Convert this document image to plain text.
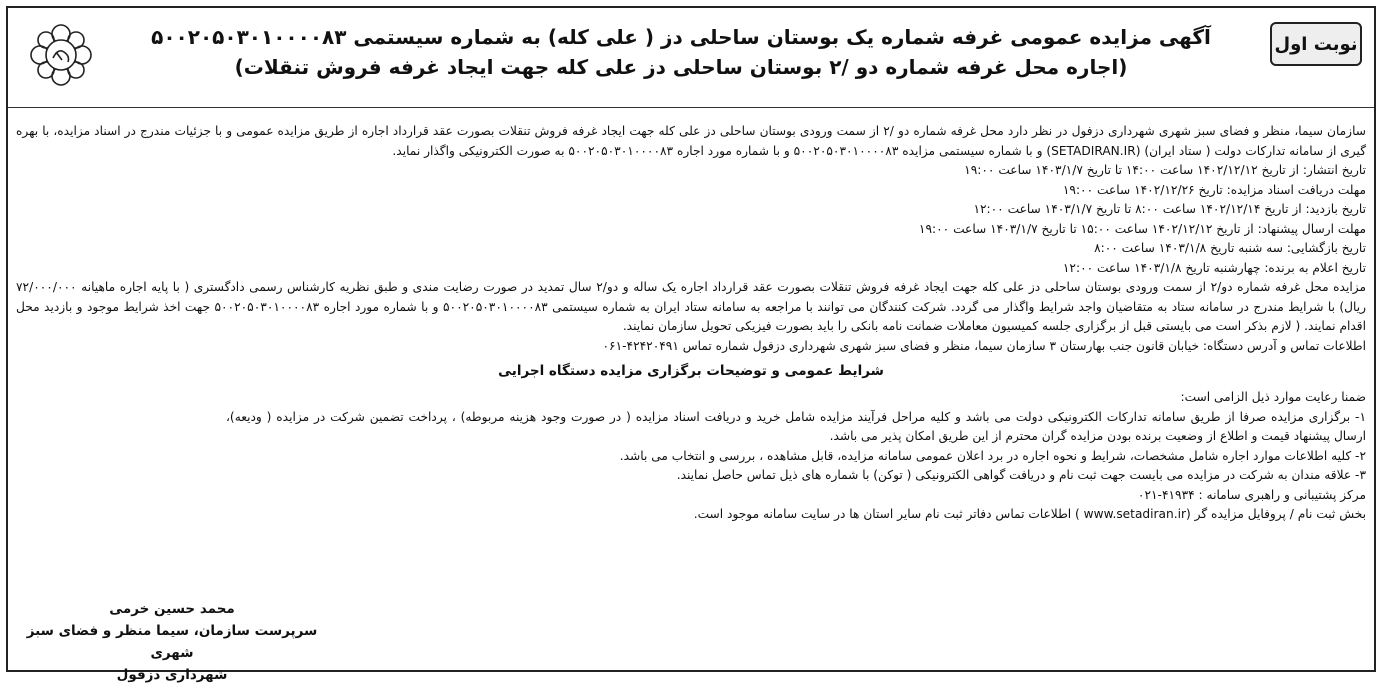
آگهی مزایده عمومی غرفه شماره یک بوستان ساحلی دز ( علی کله) به شماره سیستمی ۵۰۰۲۰۵۰۳۰۱۰۰۰۰۸۳
(اجاره محل غرفه شماره دو /۲ بوستان ساحلی دز علی کله جهت ایجاد غرفه فروش تنقلات)
نوبت اول

سازمان سیما، منظر و فضای سبز شهری شهرداری دزفول در نظر دارد محل غرفه شماره دو /۲ از سمت ورودی بوستان ساحلی دز علی کله جهت ایجاد غرفه فروش تنقلات بصورت عقد قرارداد اجاره از طریق مزایده عمومی و با جزئیات مندرج در اسناد مزایده، با بهره گیری از سامانه تدارکات دولت ( ستاد ایران) (SETADIRAN.IR) و با شماره سیستمی مزایده ۵۰۰۲۰۵۰۳۰۱۰۰۰۰۸۳ و با شماره مورد اجاره ۵۰۰۲۰۵۰۳۰۱۰۰۰۰۸۳ به صورت الکترونیکی واگذار نماید.

تاریخ انتشار: از تاریخ ۱۴۰۲/۱۲/۱۲ ساعت ۱۴:۰۰ تا تاریخ ۱۴۰۳/۱/۷ ساعت ۱۹:۰۰

مهلت دریافت اسناد مزایده: تاریخ ۱۴۰۲/۱۲/۲۶ ساعت ۱۹:۰۰

تاریخ بازدید: از تاریخ ۱۴۰۲/۱۲/۱۴ ساعت ۸:۰۰ تا تاریخ ۱۴۰۳/۱/۷ ساعت ۱۲:۰۰

مهلت ارسال پیشنهاد: از تاریخ ۱۴۰۲/۱۲/۱۲ ساعت ۱۵:۰۰ تا تاریخ ۱۴۰۳/۱/۷ ساعت ۱۹:۰۰

تاریخ بازگشایی: سه شنبه تاریخ ۱۴۰۳/۱/۸ ساعت ۸:۰۰

تاریخ اعلام به برنده: چهارشنبه تاریخ ۱۴۰۳/۱/۸ ساعت ۱۲:۰۰

مزایده محل غرفه شماره دو/۲ از سمت ورودی بوستان ساحلی دز علی کله جهت ایجاد غرفه فروش تنقلات بصورت عقد قرارداد اجاره یک ساله و دو/۲ سال تمدید در صورت رضایت مندی و طبق نظریه کارشناس رسمی دادگستری ( با پایه اجاره ماهیانه ۷۲/۰۰۰/۰۰۰ ریال) با شرایط مندرج در سامانه ستاد به متقاضیان واجد شرایط واگذار می گردد. شرکت کنندگان می توانند با مراجعه به سامانه ستاد ایران به شماره سیستمی ۵۰۰۲۰۵۰۳۰۱۰۰۰۰۸۳ و با شماره مورد اجاره ۵۰۰۲۰۵۰۳۰۱۰۰۰۰۸۳ جهت اخذ شرایط موجود و بازدید محل اقدام نمایند. ( لازم بذکر است می بایستی قبل از برگزاری جلسه کمیسیون معاملات ضمانت نامه بانکی را باید بصورت فیزیکی تحویل سازمان نمایند.

اطلاعات تماس و آدرس دستگاه: خیابان قانون جنب بهارستان ۳ سازمان سیما، منظر و فضای سبز شهری شهرداری دزفول شماره تماس ۴۲۴۲۰۴۹۱-۰۶۱

شرایط عمومی و توضیحات برگزاری مزایده دستگاه اجرایی

ضمنا رعایت موارد ذیل الزامی است:

۱- برگزاری مزایده صرفا از طریق سامانه تدارکات الکترونیکی دولت می باشد و کلیه مراحل فرآیند مزایده شامل خرید و دریافت اسناد مزایده ( در صورت وجود هزینه مربوطه) ، پرداخت تضمین شرکت در مزایده ( ودیعه)، ارسال پیشنهاد قیمت و اطلاع از وضعیت برنده بودن مزایده گران محترم از این طریق امکان پذیر می باشد.

۲- کلیه اطلاعات موارد اجاره شامل مشخصات، شرایط و نحوه اجاره در برد اعلان عمومی سامانه مزایده، قابل مشاهده ، بررسی و انتخاب می باشد.

۳- علاقه مندان به شرکت در مزایده می بایست جهت ثبت نام و دریافت گواهی الکترونیکی ( توکن) با شماره های ذیل تماس حاصل نمایند.

مرکز پشتیبانی و راهبری سامانه : ۴۱۹۳۴-۰۲۱

بخش ثبت نام / پروفایل مزایده گر (www.setadiran.ir ) اطلاعات تماس دفاتر ثبت نام سایر استان ها در سایت سامانه موجود است.

محمد حسین خرمی
سرپرست سازمان، سیما منظر و فضای سبز شهری
شهرداری دزفول
